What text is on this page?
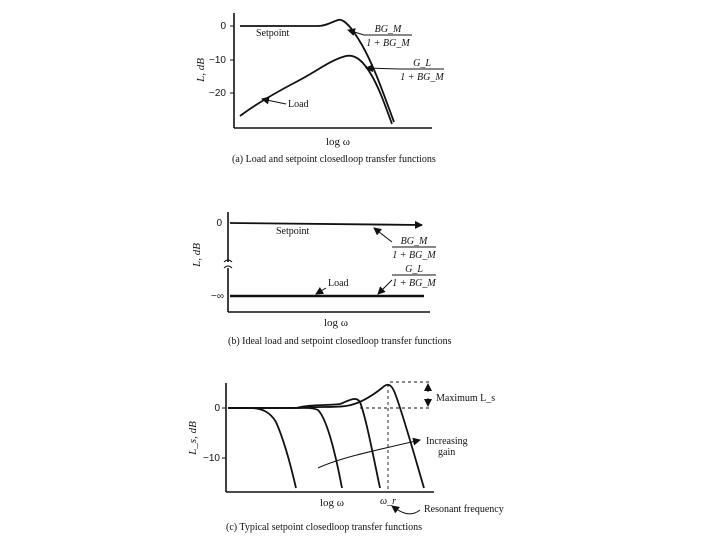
0
−10
−20
L, dB
log ω
Setpoint
Load
BG_M
1 + BG_M
G_L
1 + BG_M
(a) Load and setpoint closedloop transfer functions
0
−∞
L, dB
log ω
Setpoint
Load
BG_M
1 + BG_M
G_L
1 + BG_M
(b) Ideal load and setpoint closedloop transfer functions
0
−10
L_s, dB
log ω
Maximum L_s
Increasing
gain
ω_r
Resonant frequency
(c) Typical setpoint closedloop transfer functions
